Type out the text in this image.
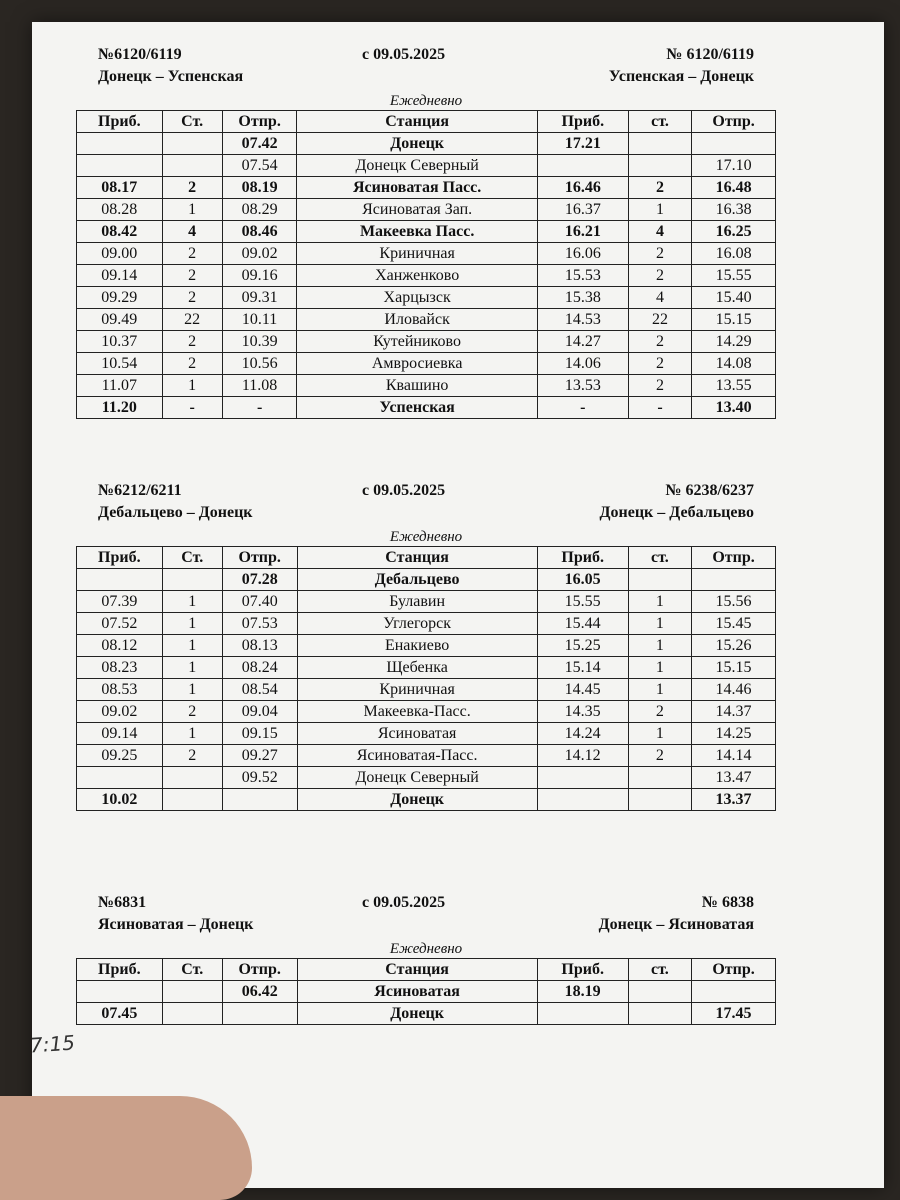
№6120/6119
Донецк – Успенская
с 09.05.2025	№ 6120/6119
Успенская – Донецк
Ежедневно
Приб.	Ст.	Отпр.	Станция	Приб.	ст.	Отпр.
		07.42	Донецк	17.21		
		07.54	Донецк Северный			17.10
08.17	2	08.19	Ясиноватая Пасс.	16.46	2	16.48
08.28	1	08.29	Ясиноватая Зап.	16.37	1	16.38
08.42	4	08.46	Макеевка Пасс.	16.21	4	16.25
09.00	2	09.02	Криничная	16.06	2	16.08
09.14	2	09.16	Ханженково	15.53	2	15.55
09.29	2	09.31	Харцызск	15.38	4	15.40
09.49	22	10.11	Иловайск	14.53	22	15.15
10.37	2	10.39	Кутейниково	14.27	2	14.29
10.54	2	10.56	Амвросиевка	14.06	2	14.08
11.07	1	11.08	Квашино	13.53	2	13.55
11.20	-	-	Успенская	-	-	13.40
№6212/6211
Дебальцево – Донецк
с 09.05.2025	№ 6238/6237
Донецк – Дебальцево
Ежедневно
Приб.	Ст.	Отпр.	Станция	Приб.	ст.	Отпр.
		07.28	Дебальцево	16.05		
07.39	1	07.40	Булавин	15.55	1	15.56
07.52	1	07.53	Углегорск	15.44	1	15.45
08.12	1	08.13	Енакиево	15.25	1	15.26
08.23	1	08.24	Щебенка	15.14	1	15.15
08.53	1	08.54	Криничная	14.45	1	14.46
09.02	2	09.04	Макеевка-Пасс.	14.35	2	14.37
09.14	1	09.15	Ясиноватая	14.24	1	14.25
09.25	2	09.27	Ясиноватая-Пасс.	14.12	2	14.14
		09.52	Донецк Северный			13.47
10.02			Донецк			13.37
№6831
Ясиноватая – Донецк
с 09.05.2025	№ 6838
Донецк – Ясиноватая
Ежедневно
Приб.	Ст.	Отпр.	Станция	Приб.	ст.	Отпр.
		06.42	Ясиноватая	18.19		
07.45			Донецк			17.45
7:15
